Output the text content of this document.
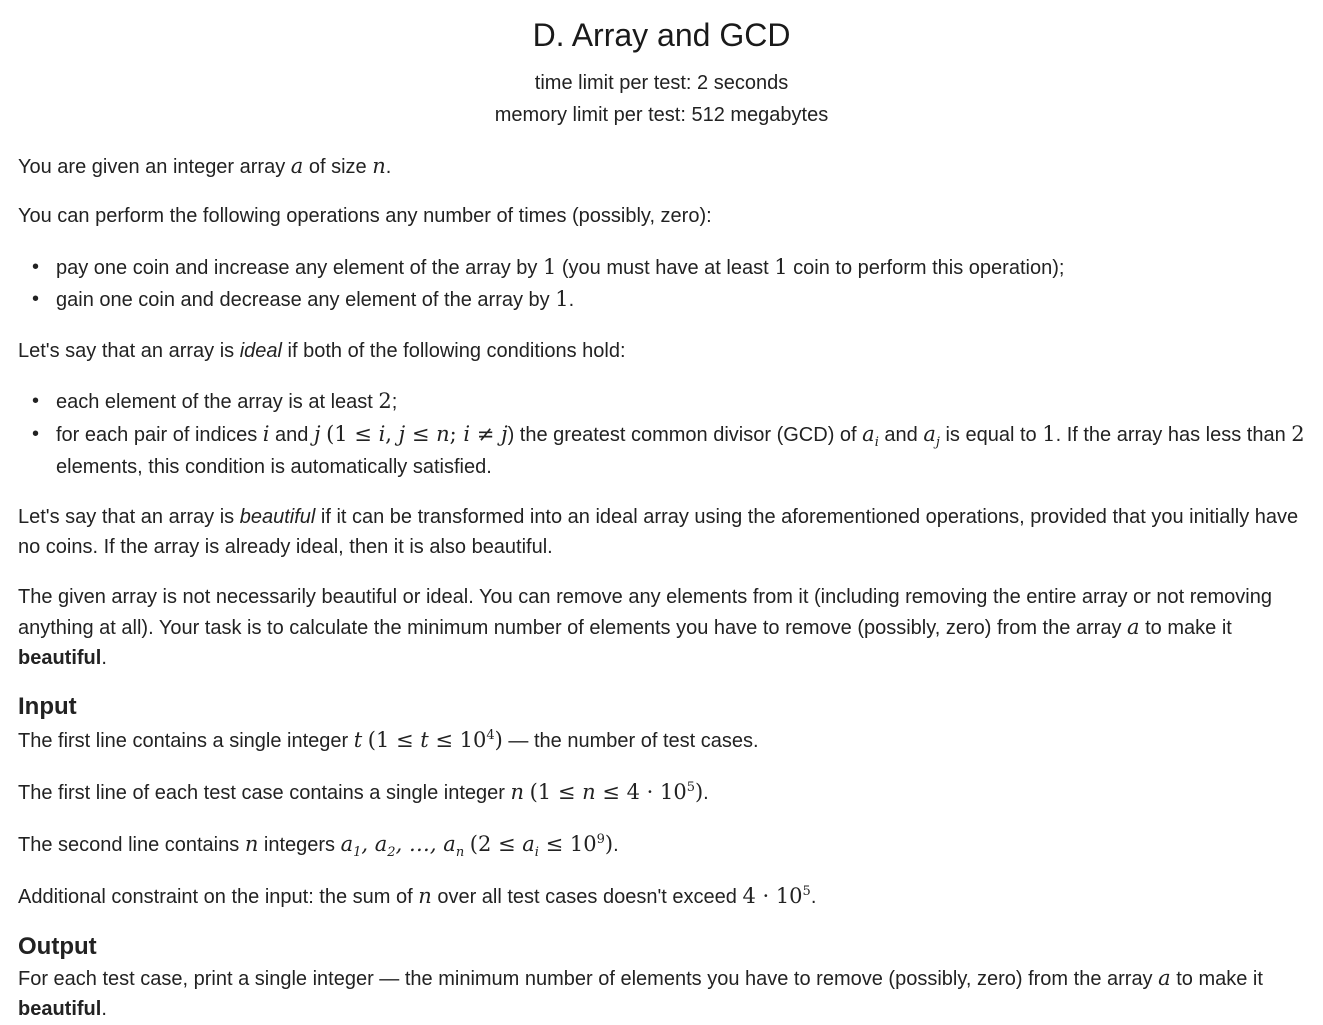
D. Array and GCD
time limit per test: 2 seconds
memory limit per test: 512 megabytes

You are given an integer array a of size n.

You can perform the following operations any number of times (possibly, zero):

• pay one coin and increase any element of the array by 1 (you must have at least 1 coin to perform this operation);
• gain one coin and decrease any element of the array by 1.

Let's say that an array is ideal if both of the following conditions hold:

• each element of the array is at least 2;
• for each pair of indices i and j (1 ≤ i, j ≤ n; i ≠ j) the greatest common divisor (GCD) of $a_i$ and $a_j$ is equal to 1. If the array has less than 2 elements, this condition is automatically satisfied.

Let's say that an array is beautiful if it can be transformed into an ideal array using the aforementioned operations, provided that you initially have no coins. If the array is already ideal, then it is also beautiful.

The given array is not necessarily beautiful or ideal. You can remove any elements from it (including removing the entire array or not removing anything at all). Your task is to calculate the minimum number of elements you have to remove (possibly, zero) from the array a to make it beautiful.

Input

The first line contains a single integer t $(1 \le t \le 10^4)$ — the number of test cases.

The first line of each test case contains a single integer n $(1 \le n \le 4 \cdot 10^5)$.

The second line contains n integers $a_1$, $a_2$, …, $a_n$ $(2 \le a_i \le 10^9)$.

Additional constraint on the input: the sum of n over all test cases doesn't exceed $4 \cdot 10^5$.

Output

For each test case, print a single integer — the minimum number of elements you have to remove (possibly, zero) from the array a to make it beautiful.
